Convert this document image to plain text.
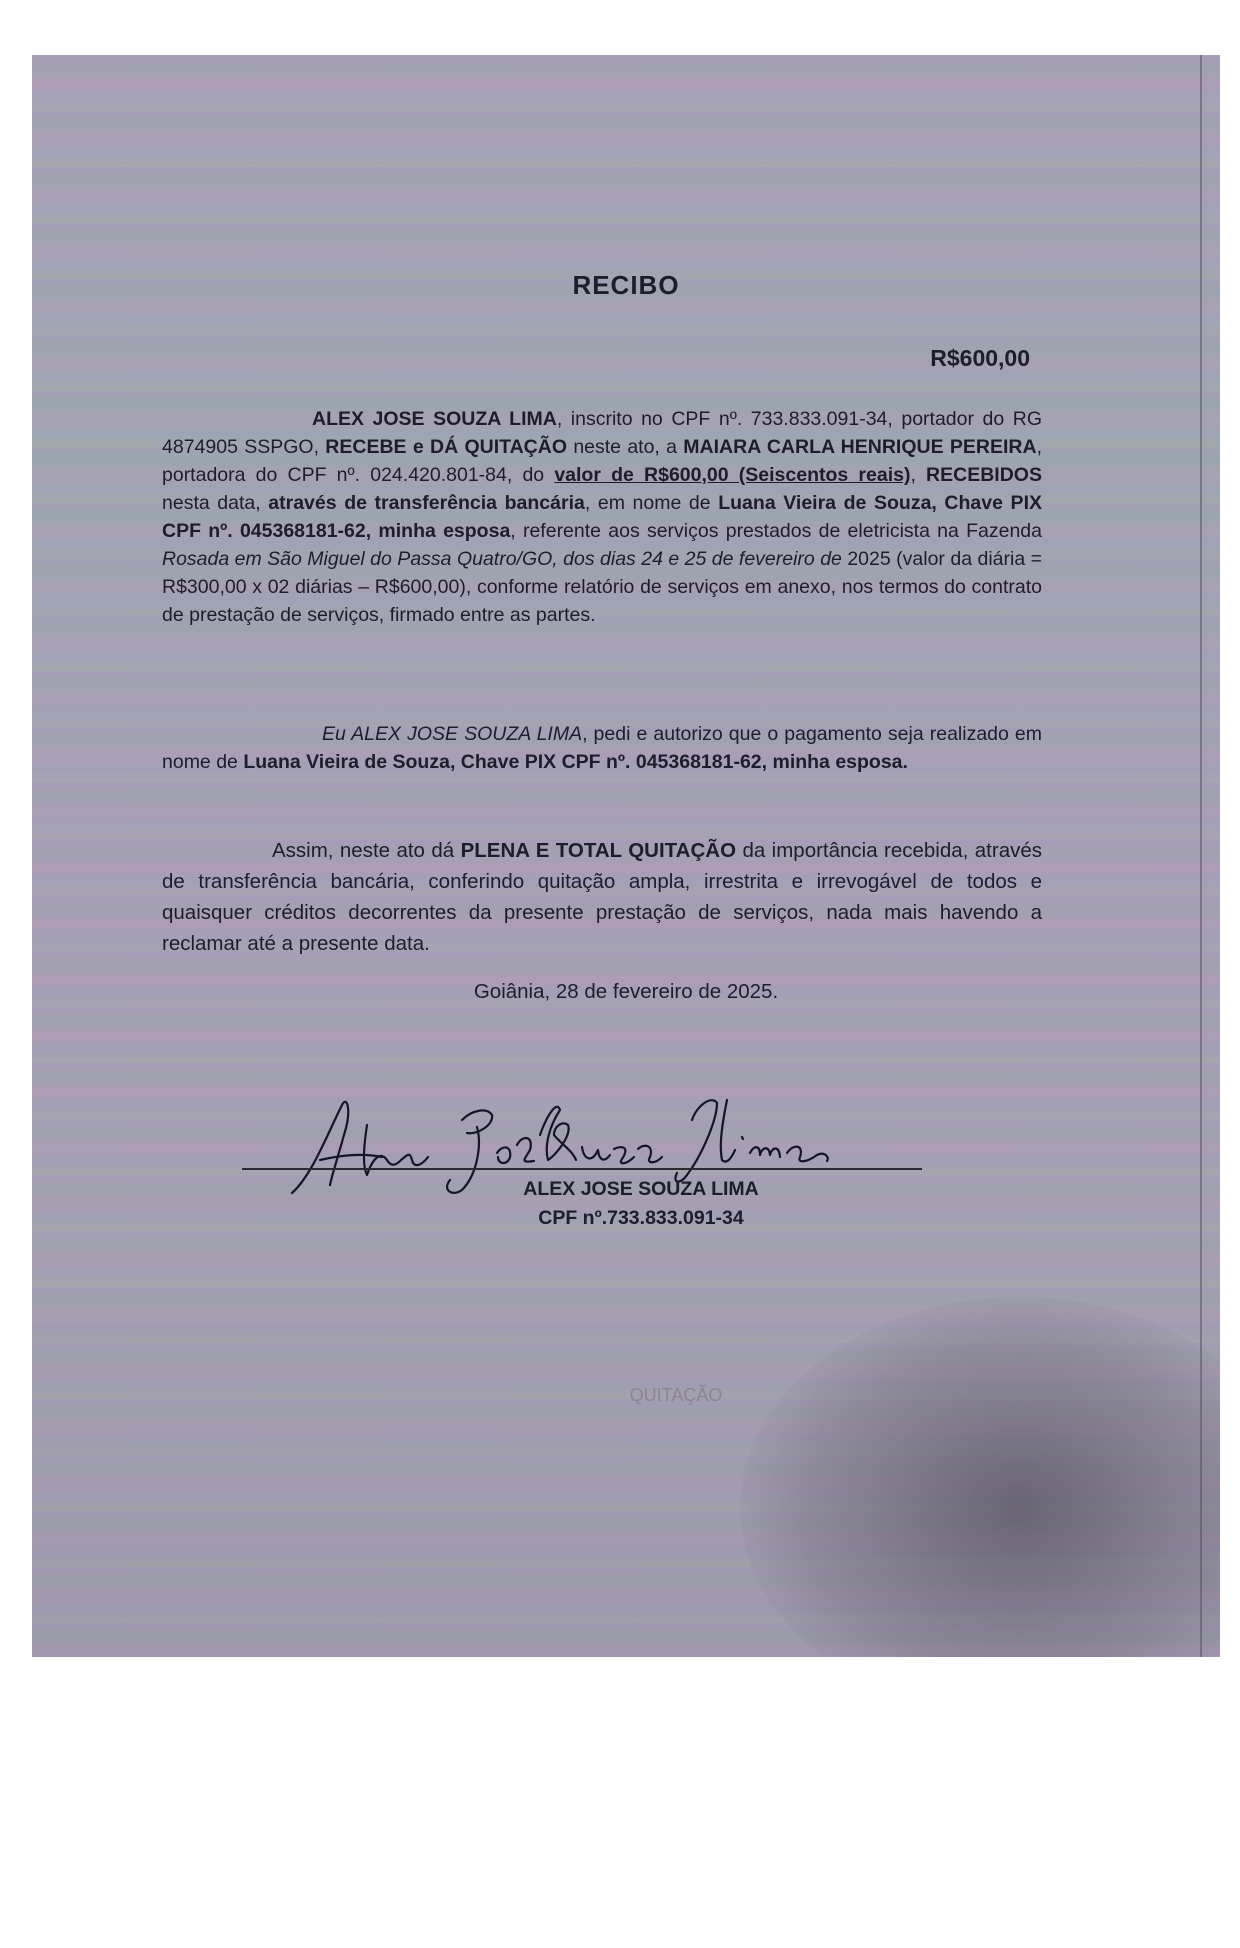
RECIBO
R$600,00
ALEX JOSE SOUZA LIMA, inscrito no CPF nº. 733.833.091-34, portador do RG 4874905 SSPGO, RECEBE e DÁ QUITAÇÃO neste ato, a MAIARA CARLA HENRIQUE PEREIRA, portadora do CPF nº. 024.420.801-84, do valor de R$600,00 (Seiscentos reais), RECEBIDOS nesta data, através de transferência bancária, em nome de Luana Vieira de Souza, Chave PIX CPF nº. 045368181-62, minha esposa, referente aos serviços prestados de eletricista na Fazenda Rosada em São Miguel do Passa Quatro/GO, dos dias 24 e 25 de fevereiro de 2025 (valor da diária = R$300,00 x 02 diárias – R$600,00), conforme relatório de serviços em anexo, nos termos do contrato de prestação de serviços, firmado entre as partes.
Eu ALEX JOSE SOUZA LIMA, pedi e autorizo que o pagamento seja realizado em nome de Luana Vieira de Souza, Chave PIX CPF nº. 045368181-62, minha esposa.
Assim, neste ato dá PLENA E TOTAL QUITAÇÃO da importância recebida, através de transferência bancária, conferindo quitação ampla, irrestrita e irrevogável de todos e quaisquer créditos decorrentes da presente prestação de serviços, nada mais havendo a reclamar até a presente data.
Goiânia, 28 de fevereiro de 2025.
ALEX JOSE SOUZA LIMA
CPF nº.733.833.091-34
QUITAÇÃO
